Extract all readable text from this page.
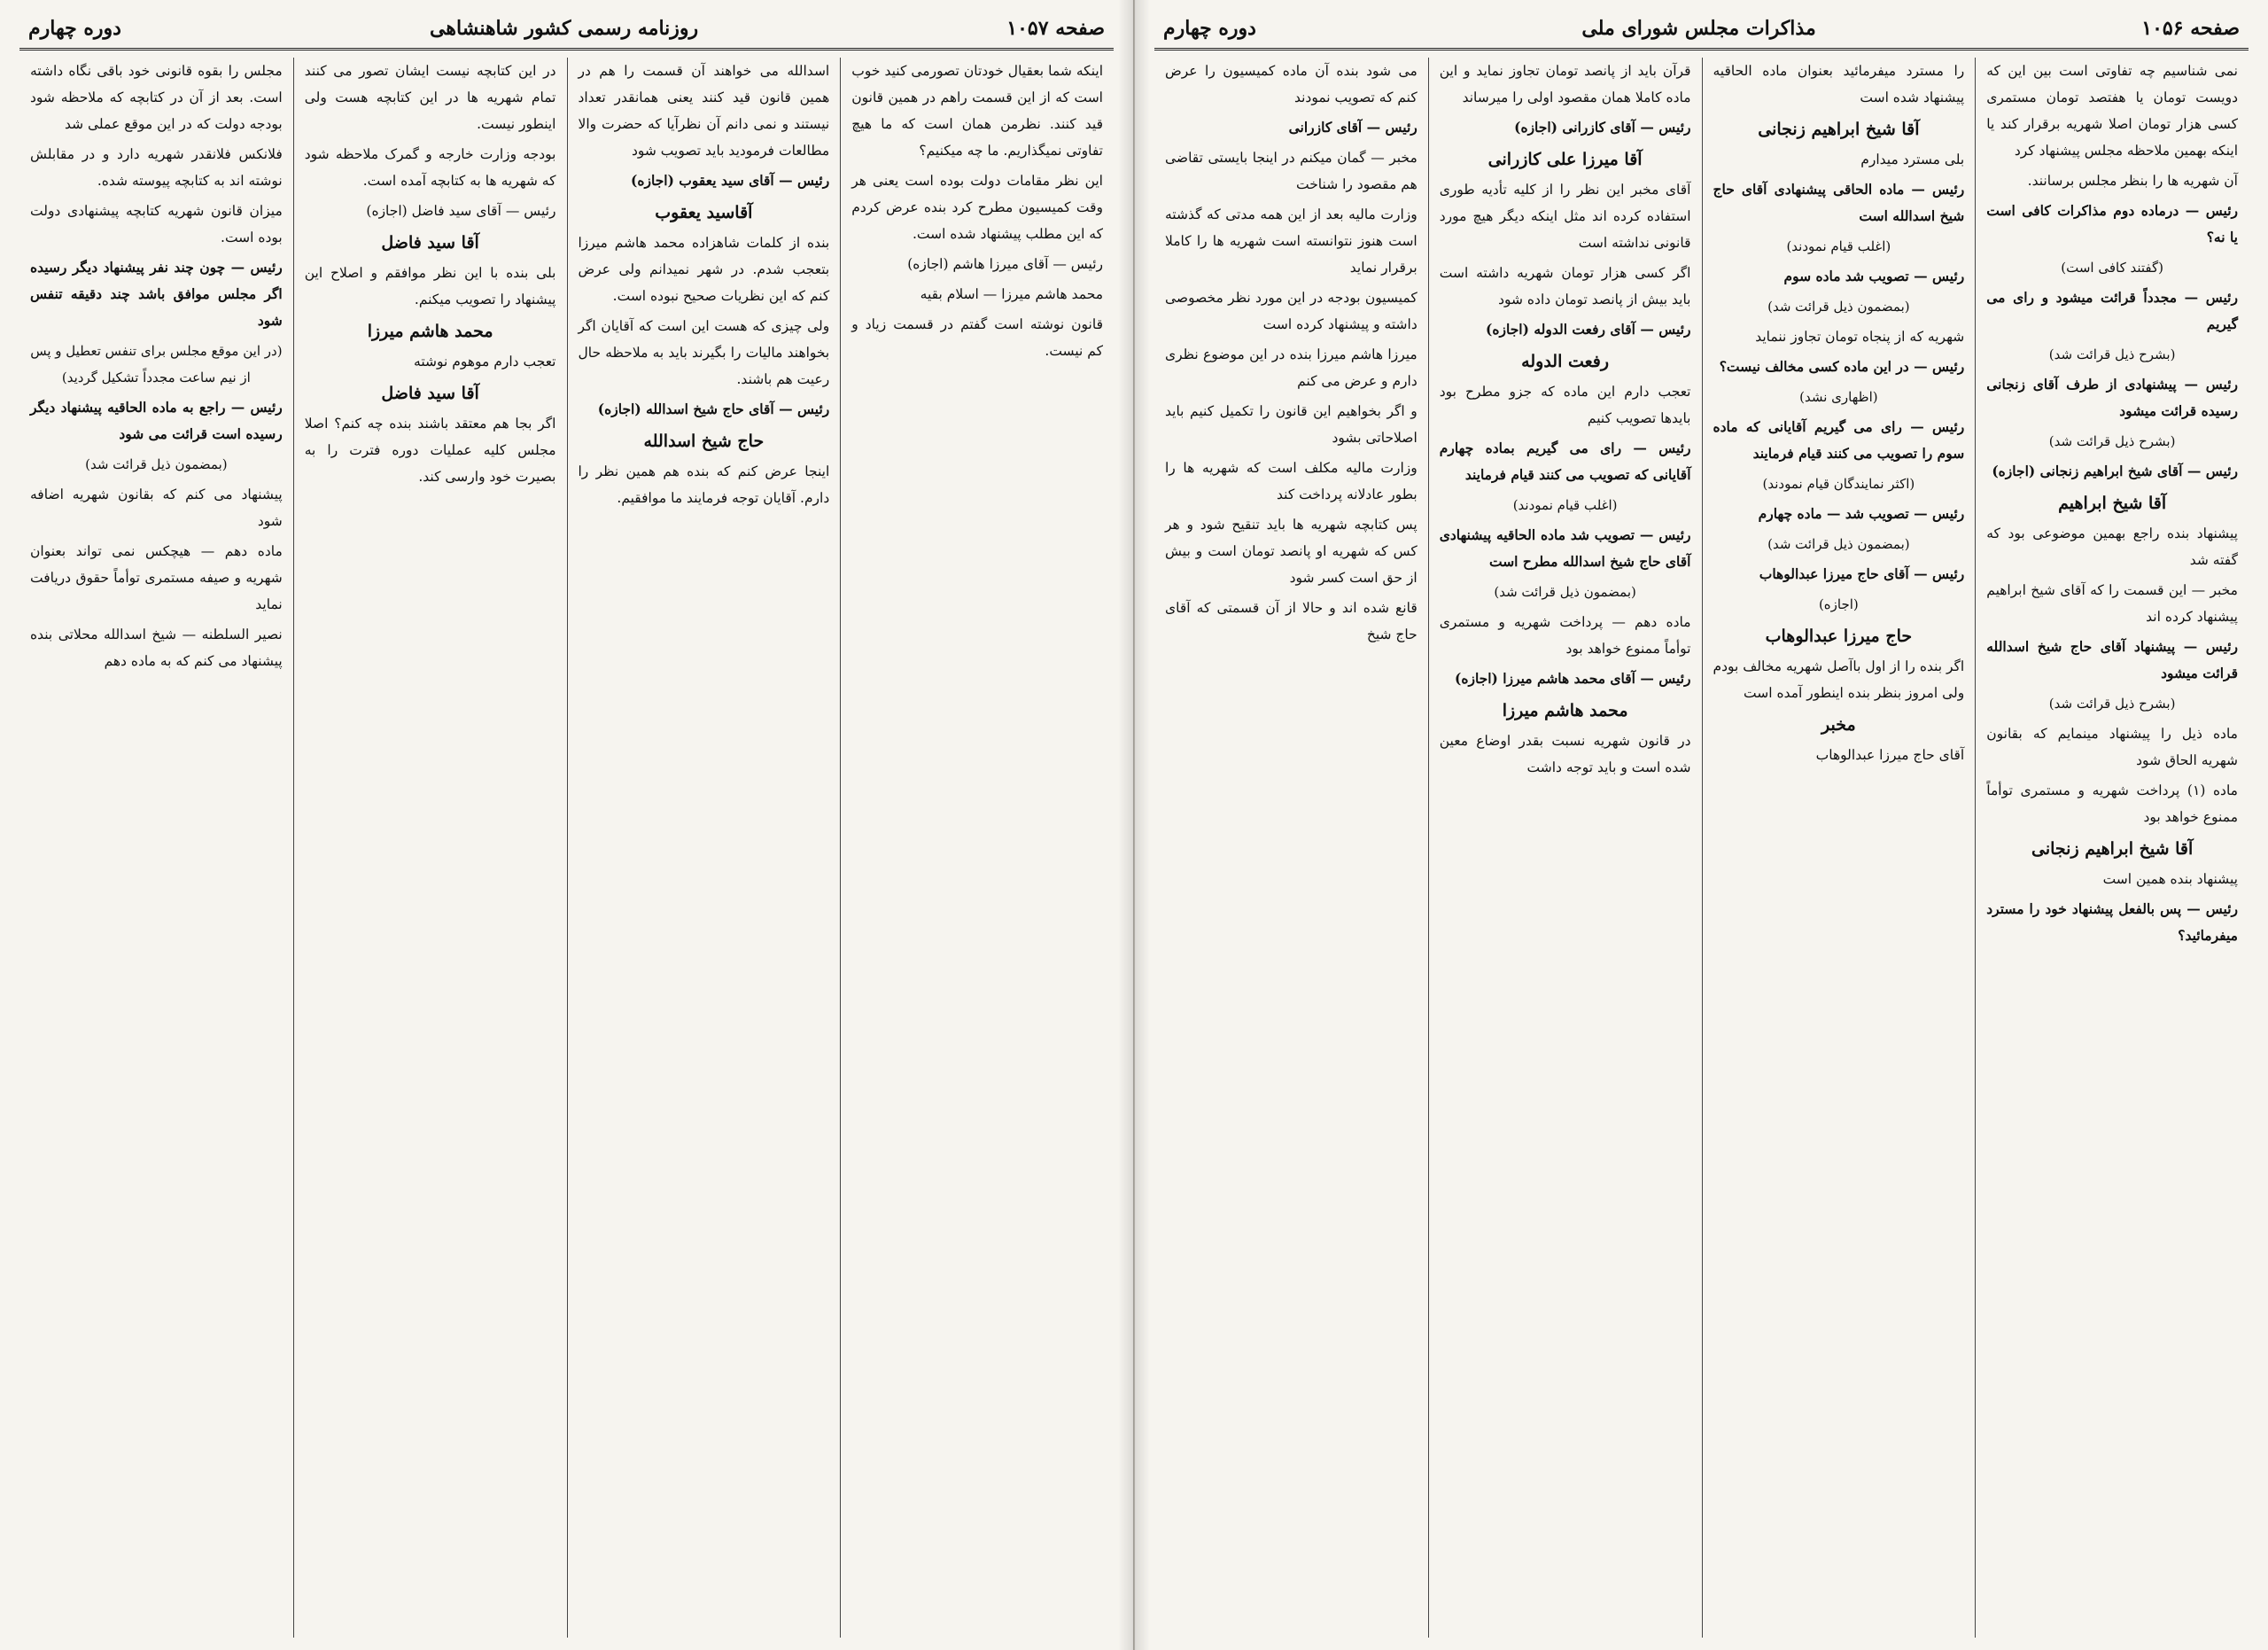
صفحه ۱۰۵۷
روزنامه رسمی کشور شاهنشاهی
دوره چهارم

اینکه شما بعقیال خودتان تصورمی کنید خوب است که از این قسمت راهم در همین قانون قید کنند. نظرمن همان است که ما هیچ تفاوتی نمیگذاریم. ما چه میکنیم؟

این نظر مقامات دولت بوده است یعنی هر وقت کمیسیون مطرح کرد بنده عرض کردم که این مطلب پیشنهاد شده است.

رئیس — آقای میرزا هاشم (اجازه)

محمد هاشم میرزا — اسلام بقیه

قانون نوشته است گفتم در قسمت زیاد و کم نیست.

اسدالله می خواهند آن قسمت را هم در همین قانون قید کنند یعنی همانقدر تعداد نیستند و نمی دانم آن نظرآیا که حضرت والا مطالعات فرمودید باید تصویب شود

رئیس — آقای سید یعقوب (اجازه)

آقاسید یعقوب

بنده از کلمات شاهزاده محمد هاشم میرزا بتعجب شدم. در شهر نمیدانم ولی عرض کنم که این نظریات صحیح نبوده است.

ولی چیزی که هست این است که آقایان اگر بخواهند مالیات را بگیرند باید به ملاحظه حال رعیت هم باشند.

رئیس — آقای حاج شیخ اسدالله (اجازه)

حاج شیخ اسدالله

اینجا عرض کنم که بنده هم همین نظر را دارم. آقایان توجه فرمایند ما موافقیم.

در این کتابچه نیست ایشان تصور می کنند تمام شهریه ها در این کتابچه هست ولی اینطور نیست.

بودجه وزارت خارجه و گمرک ملاحظه شود که شهریه ها به کتابچه آمده است.

رئیس — آقای سید فاضل (اجازه)

آقا سید فاضل

بلی بنده با این نظر موافقم و اصلاح این پیشنهاد را تصویب میکنم.

محمد هاشم میرزا

تعجب دارم موهوم نوشته

آقا سید فاضل

اگر بجا هم معتقد باشند بنده چه کنم؟ اصلا مجلس کلیه عملیات دوره فترت را به بصیرت خود وارسی کند.

مجلس را بقوه قانونی خود باقی نگاه داشته است. بعد از آن در کتابچه که ملاحظه شود بودجه دولت که در این موقع عملی شد

فلانکس فلانقدر شهریه دارد و در مقابلش نوشته اند به کتابچه پیوسته شده.

میزان قانون شهریه کتابچه پیشنهادی دولت بوده است.

رئیس — چون چند نفر پیشنهاد دیگر رسیده اگر مجلس موافق باشد چند دقیقه تنفس شود

(در این موقع مجلس برای تنفس تعطیل و پس از نیم ساعت مجدداً تشکیل گردید)

رئیس — راجع به ماده الحاقیه پیشنهاد دیگر رسیده است قرائت می شود

(بمضمون ذیل قرائت شد)

پیشنهاد می کنم که بقانون شهریه اضافه شود

ماده دهم — هیچکس نمی تواند بعنوان شهریه و صیفه مستمری توأماً حقوق دریافت نماید

نصیر السلطنه — شیخ اسدالله محلاتی بنده پیشنهاد می کنم که به ماده دهم

صفحه ۱۰۵۶
مذاکرات مجلس شورای ملی
دوره چهارم

نمی شناسیم چه تفاوتی است بین این که دویست تومان یا هفتصد تومان مستمری کسی هزار تومان اصلا شهریه برقرار کند یا اینکه بهمین ملاحظه مجلس پیشنهاد کرد

آن شهریه ها را بنظر مجلس برسانند.

رئیس — درماده دوم مذاکرات کافی است یا نه؟

(گفتند کافی است)

رئیس — مجدداً قرائت میشود و رای می گیریم

(بشرح ذیل قرائت شد)

رئیس — پیشنهادی از طرف آقای زنجانی رسیده قرائت میشود

(بشرح ذیل قرائت شد)

رئیس — آقای شیخ ابراهیم زنجانی (اجازه)

آقا شیخ ابراهیم

پیشنهاد بنده راجع بهمین موضوعی بود که گفته شد

مخبر — این قسمت را که آقای شیخ ابراهیم پیشنهاد کرده اند

رئیس — پیشنهاد آقای حاج شیخ اسدالله قرائت میشود

(بشرح ذیل قرائت شد)

ماده ذیل را پیشنهاد مینمایم که بقانون شهریه الحاق شود

ماده (۱) پرداخت شهریه و مستمری توأماً ممنوع خواهد بود

آقا شیخ ابراهیم زنجانی

پیشنهاد بنده همین است

رئیس — پس بالفعل پیشنهاد خود را مسترد میفرمائید؟

را مسترد میفرمائید بعنوان ماده الحاقیه پیشنهاد شده است

آقا شیخ ابراهیم زنجانی

بلی مسترد میدارم

رئیس — ماده الحاقی پیشنهادی آقای حاج شیخ اسدالله است

(اغلب قیام نمودند)

رئیس — تصویب شد ماده سوم

(بمضمون ذیل قرائت شد)

شهریه که از پنجاه تومان تجاوز ننماید

رئیس — در این ماده کسی مخالف نیست؟

(اظهاری نشد)

رئیس — رای می گیریم آقایانی که ماده سوم را تصویب می کنند قیام فرمایند

(اکثر نمایندگان قیام نمودند)

رئیس — تصویب شد — ماده چهارم

(بمضمون ذیل قرائت شد)

رئیس — آقای حاج میرزا عبدالوهاب

(اجازه)

حاج میرزا عبدالوهاب

اگر بنده را از اول باآصل شهریه مخالف بودم ولی امروز بنظر بنده اینطور آمده است

مخبر

آقای حاج میرزا عبدالوهاب

قرآن باید از پانصد تومان تجاوز نماید و این ماده کاملا همان مقصود اولی را میرساند

رئیس — آقای کازرانی (اجازه)

آقا میرزا علی کازرانی

آقای مخبر این نظر را از کلیه تأدیه طوری استفاده کرده اند مثل اینکه دیگر هیچ مورد قانونی نداشته است

اگر کسی هزار تومان شهریه داشته است باید بیش از پانصد تومان داده شود

رئیس — آقای رفعت الدوله (اجازه)

رفعت الدوله

تعجب دارم این ماده که جزو مطرح بود بایدها تصویب کنیم

رئیس — رای می گیریم بماده چهارم آقایانی که تصویب می کنند قیام فرمایند

(اغلب قیام نمودند)

رئیس — تصویب شد ماده الحاقیه پیشنهادی آقای حاج شیخ اسدالله مطرح است

(بمضمون ذیل قرائت شد)

ماده دهم — پرداخت شهریه و مستمری توأماً ممنوع خواهد بود

رئیس — آقای محمد هاشم میرزا (اجازه)

محمد هاشم میرزا

در قانون شهریه نسبت بقدر اوضاع معین شده است و باید توجه داشت

می شود بنده آن ماده کمیسیون را عرض کنم که تصویب نمودند

رئیس — آقای کازرانی

مخبر — گمان میکنم در اینجا بایستی تقاضی هم مقصود را شناخت

وزارت مالیه بعد از این همه مدتی که گذشته است هنوز نتوانسته است شهریه ها را کاملا برقرار نماید

کمیسیون بودجه در این مورد نظر مخصوصی داشته و پیشنهاد کرده است

میرزا هاشم میرزا بنده در این موضوع نظری دارم و عرض می کنم

و اگر بخواهیم این قانون را تکمیل کنیم باید اصلاحاتی بشود

وزارت مالیه مکلف است که شهریه ها را بطور عادلانه پرداخت کند

پس کتابچه شهریه ها باید تنقیح شود و هر کس که شهریه او پانصد تومان است و بیش از حق است کسر شود

قانع شده اند و حالا از آن قسمتی که آقای حاج شیخ
